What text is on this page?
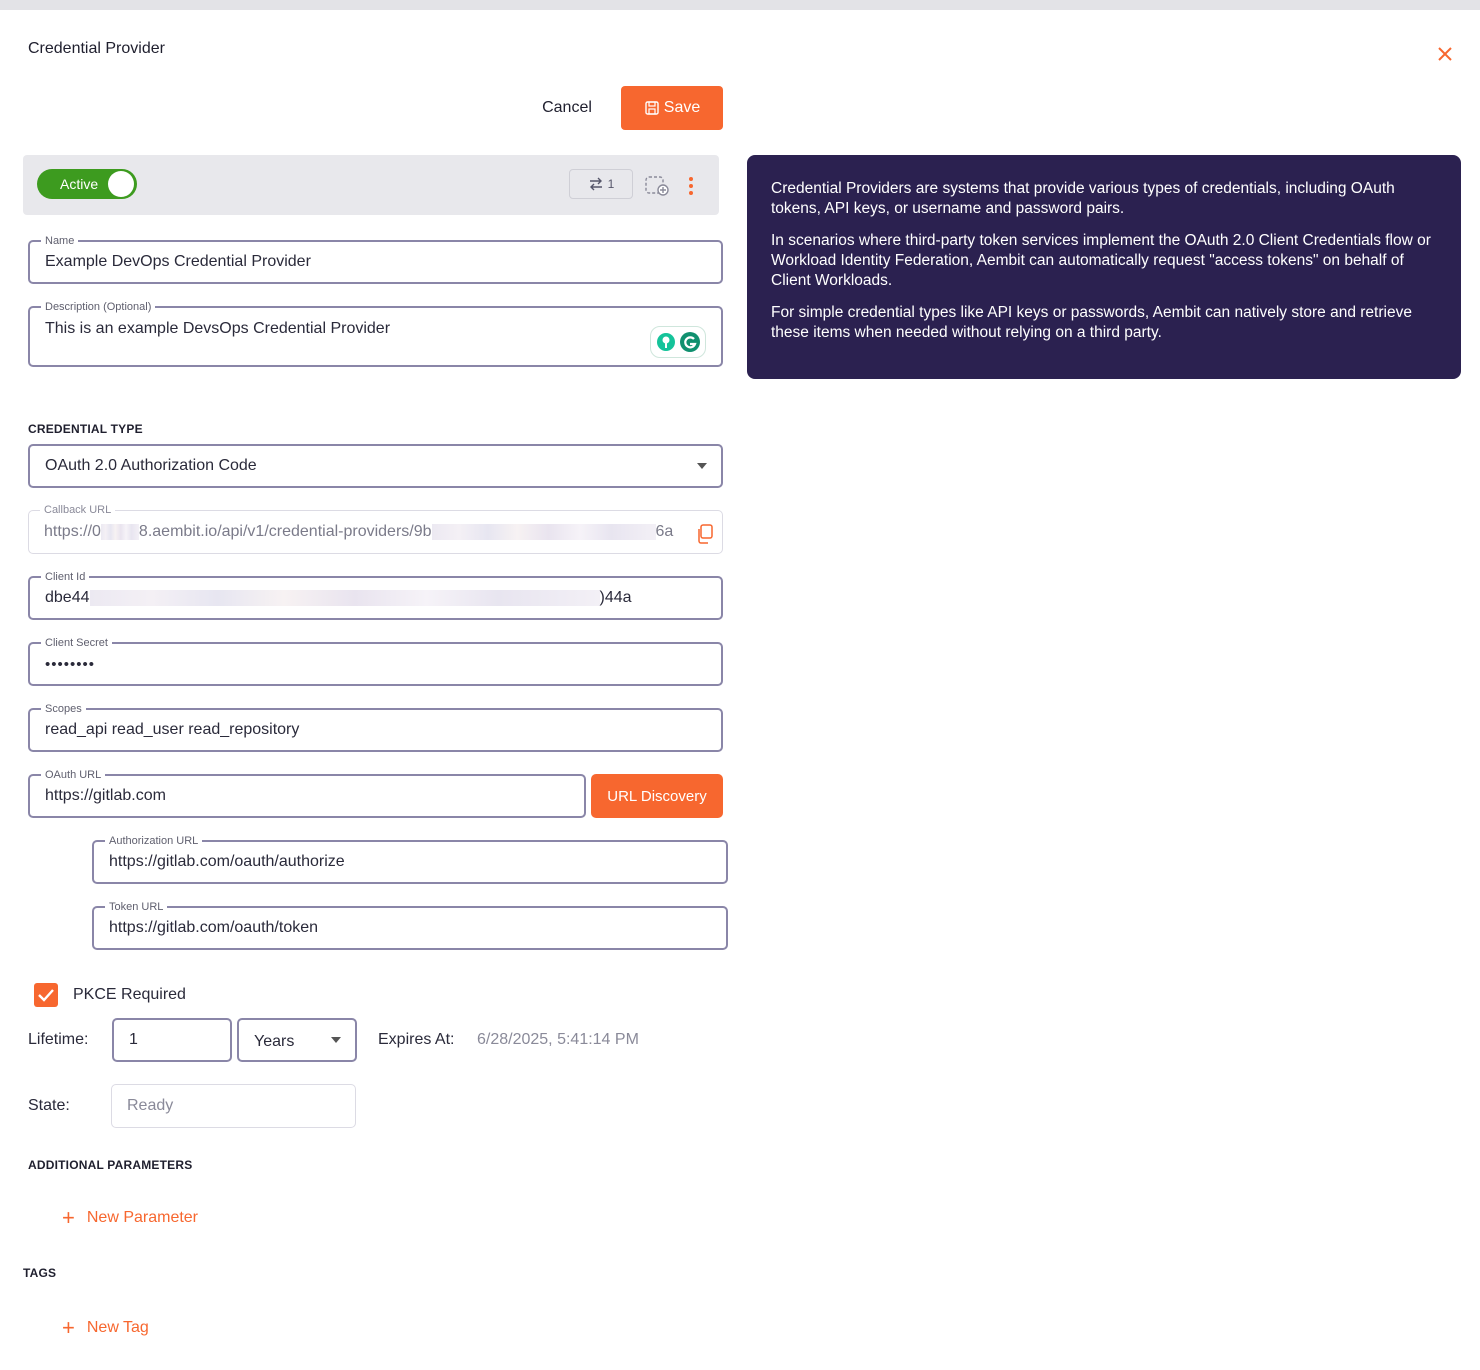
Credential Provider
Cancel	Save
Active	1
Name
Example DevOps Credential Provider
Description (Optional)
This is an example DevsOps Credential Provider
CREDENTIAL TYPE
OAuth 2.0 Authorization Code
Callback URL
https://0 8.aembit.io/api/v1/credential-providers/9b	6a
Client Id
dbe44	)44a
Client Secret
••••••••
Scopes
read_api read_user read_repository
OAuth URL
https://gitlab.com	URL Discovery
Authorization URL
https://gitlab.com/oauth/authorize
Token URL
https://gitlab.com/oauth/token
PKCE Required
Lifetime:	1	Years	Expires At: 6/28/2025, 5:41:14 PM
State:	Ready
ADDITIONAL PARAMETERS
+ New Parameter
TAGS
+ New Tag

Credential Providers are systems that provide various types of credentials, including OAuth tokens, API keys, or username and password pairs.

In scenarios where third-party token services implement the OAuth 2.0 Client Credentials flow or Workload Identity Federation, Aembit can automatically request "access tokens" on behalf of Client Workloads.

For simple credential types like API keys or passwords, Aembit can natively store and retrieve these items when needed without relying on a third party.
